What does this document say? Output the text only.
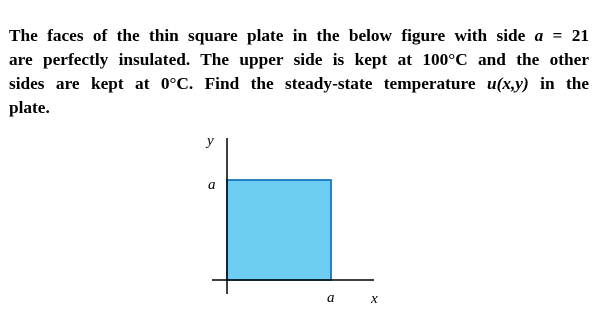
The faces of the thin square plate in the below figure with side a = 21
are perfectly insulated. The upper side is kept at 100°C and the other
sides are kept at 0°C. Find the steady-state temperature u(x,y) in the
plate.
y
a
a x
